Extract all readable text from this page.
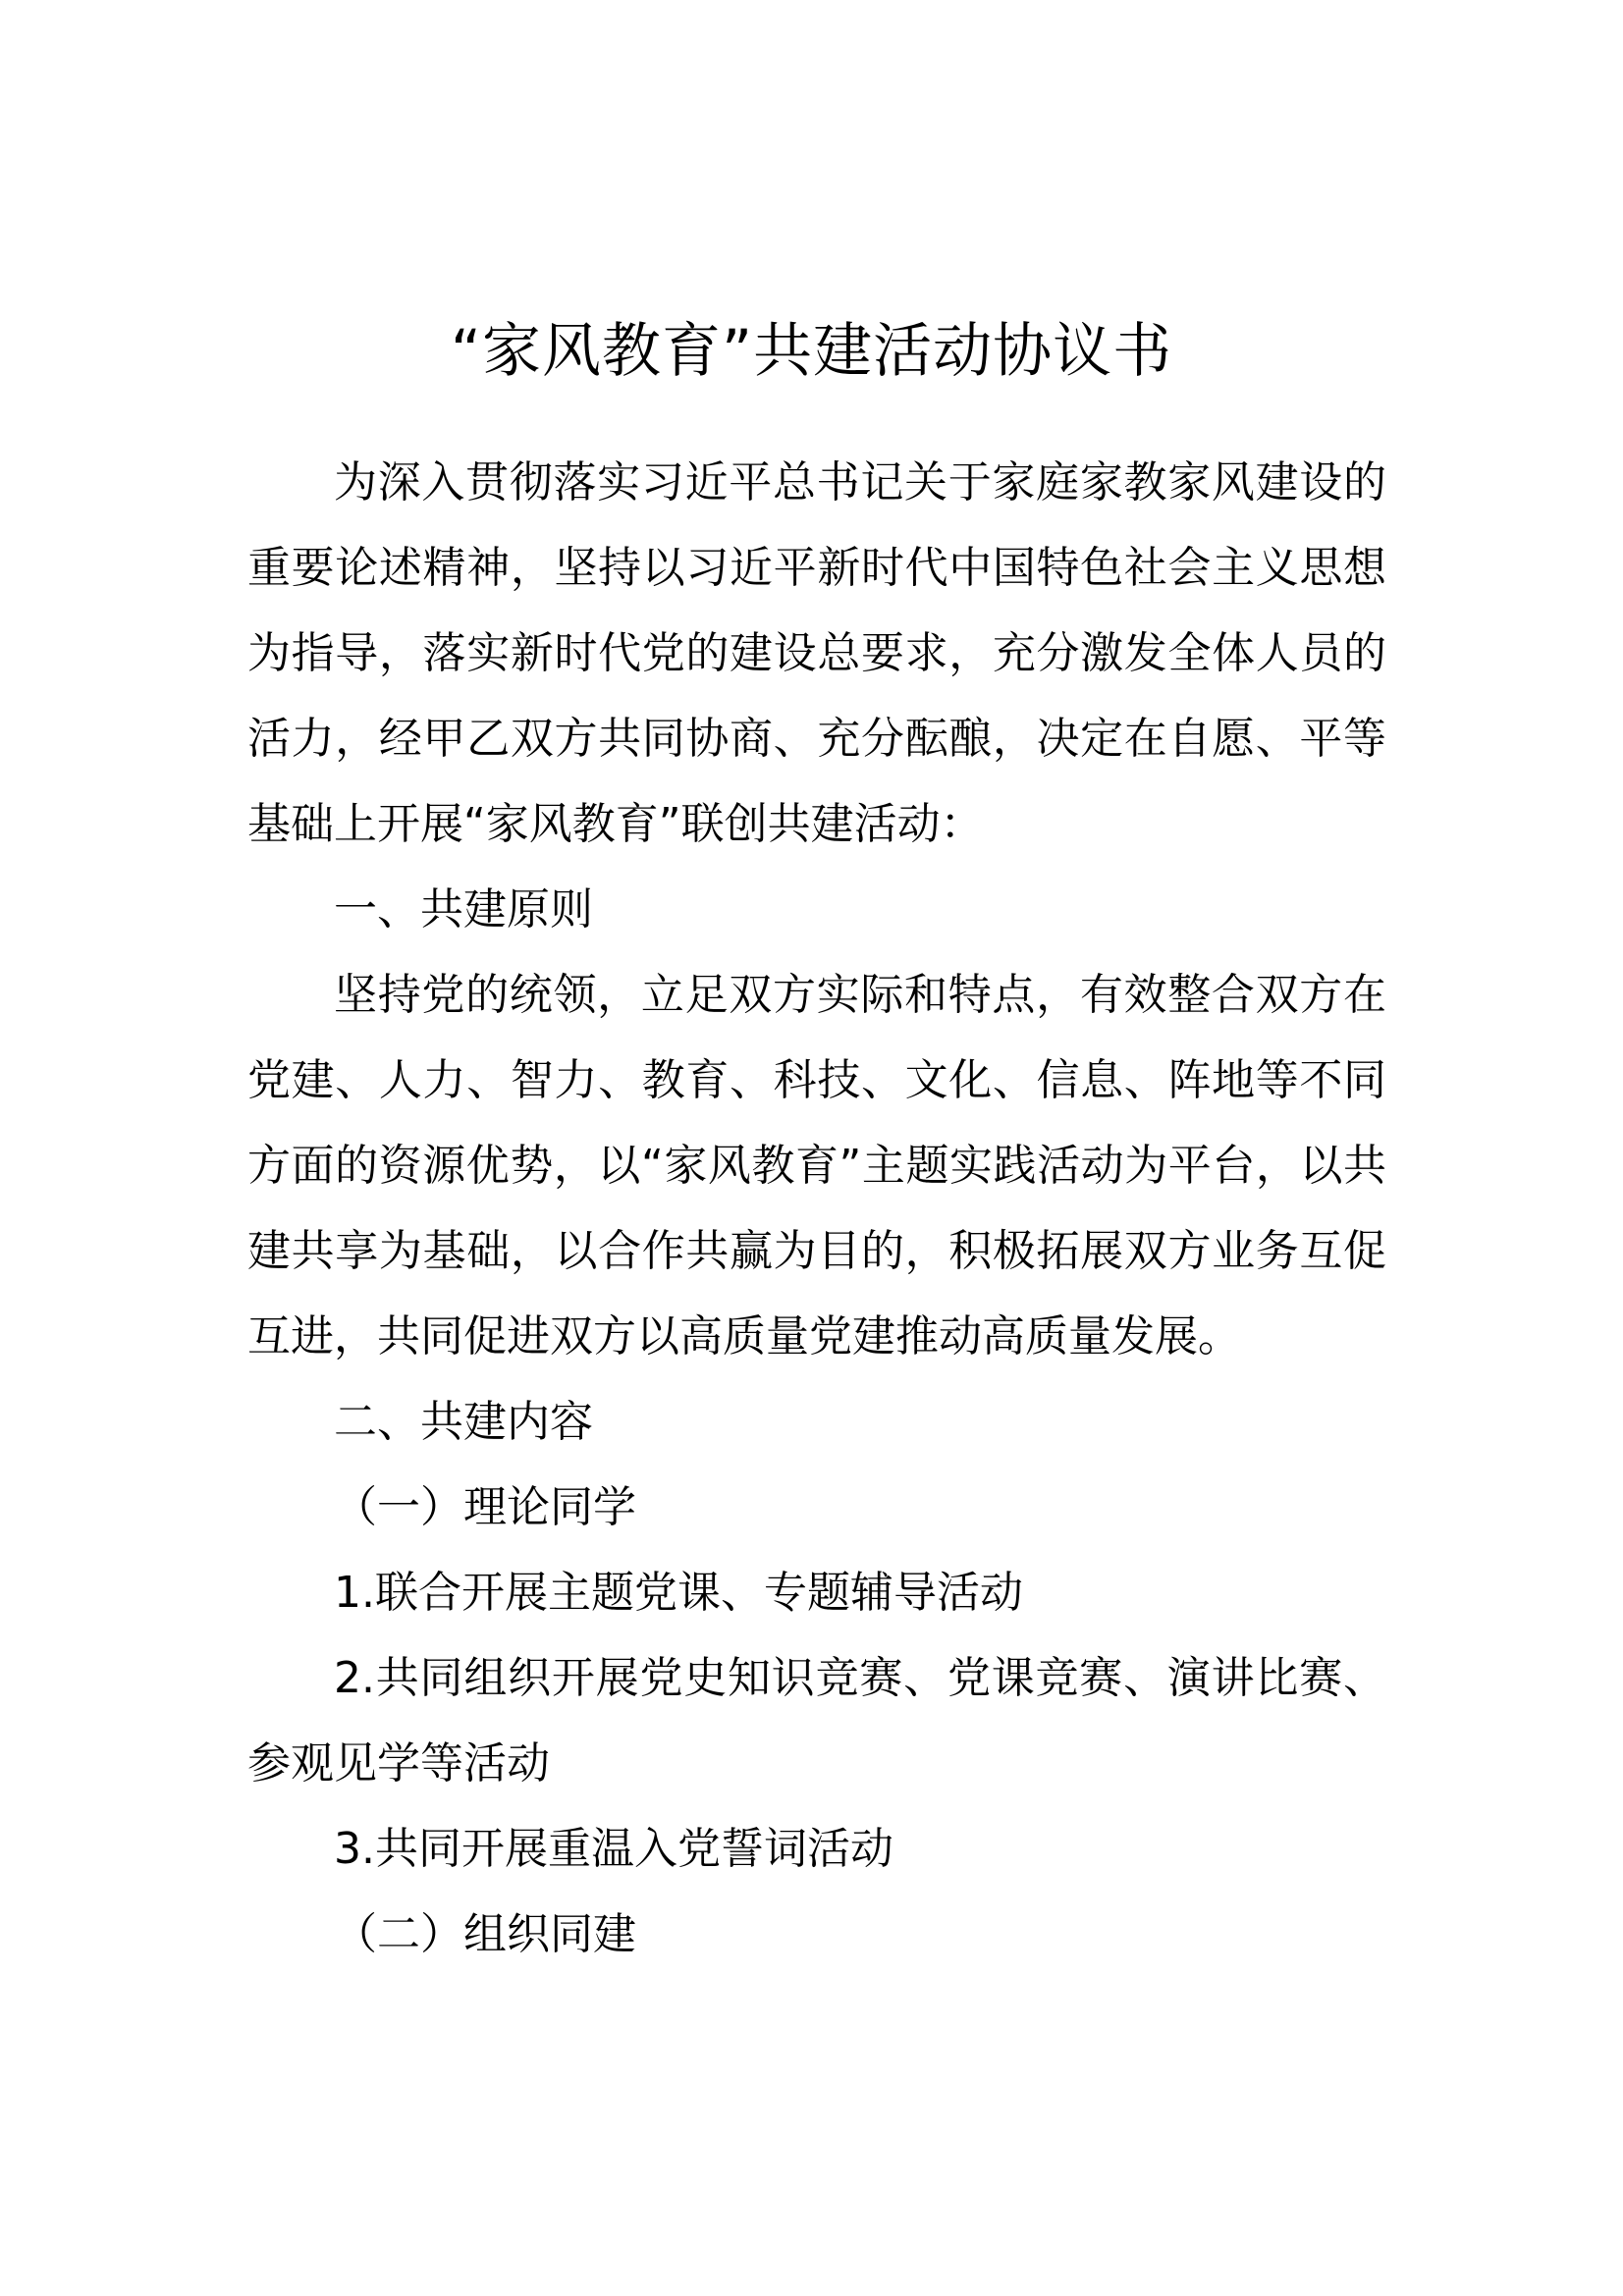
“家风教育”共建活动协议书

为深入贯彻落实习近平总书记关于家庭家教家风建设的重要论述精神，坚持以习近平新时代中国特色社会主义思想为指导，落实新时代党的建设总要求，充分激发全体人员的活力，经甲乙双方共同协商、充分酝酿，决定在自愿、平等基础上开展“家风教育”联创共建活动：

一、共建原则

坚持党的统领，立足双方实际和特点，有效整合双方在党建、人力、智力、教育、科技、文化、信息、阵地等不同方面的资源优势，以“家风教育”主题实践活动为平台，以共建共享为基础，以合作共赢为目的，积极拓展双方业务互促互进，共同促进双方以高质量党建推动高质量发展。

二、共建内容

（一）理论同学

1.联合开展主题党课、专题辅导活动

2.共同组织开展党史知识竞赛、党课竞赛、演讲比赛、参观见学等活动

3.共同开展重温入党誓词活动

（二）组织同建
